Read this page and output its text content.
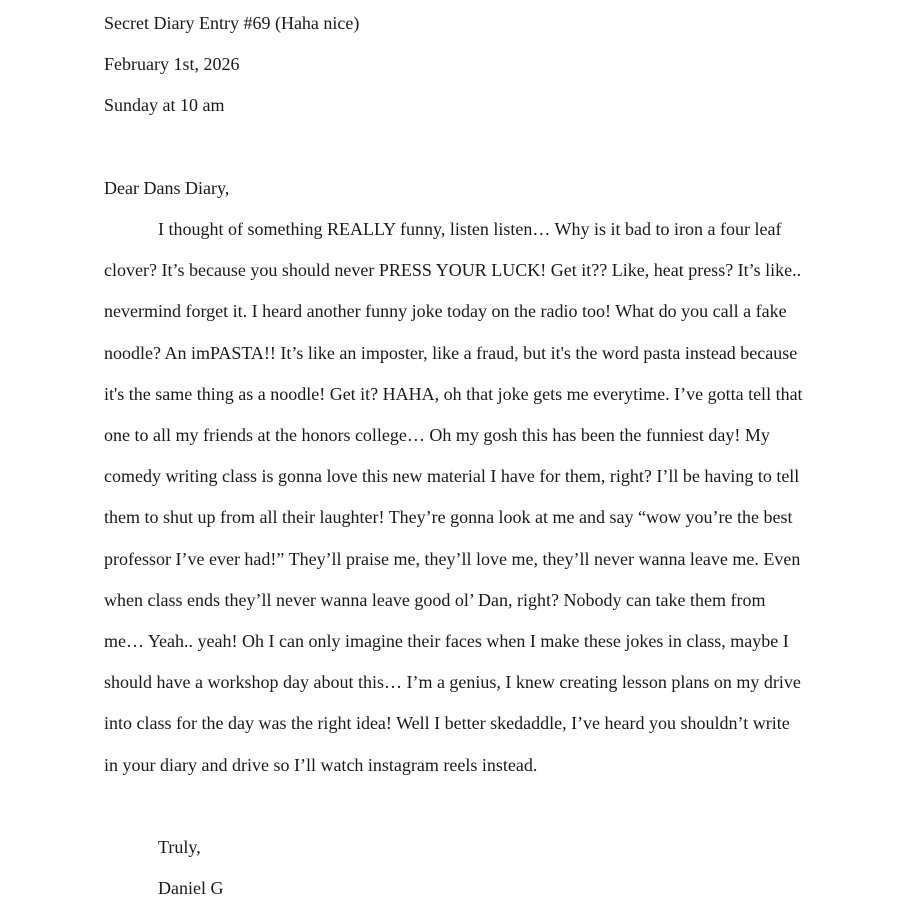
Secret Diary Entry #69 (Haha nice)

February 1st, 2026

Sunday at 10 am

Dear Dans Diary,

I thought of something REALLY funny, listen listen… Why is it bad to iron a four leaf

clover? It’s because you should never PRESS YOUR LUCK! Get it?? Like, heat press? It’s like..

nevermind forget it. I heard another funny joke today on the radio too! What do you call a fake

noodle? An imPASTA!! It’s like an imposter, like a fraud, but it's the word pasta instead because

it's the same thing as a noodle! Get it? HAHA, oh that joke gets me everytime. I’ve gotta tell that

one to all my friends at the honors college… Oh my gosh this has been the funniest day! My

comedy writing class is gonna love this new material I have for them, right? I’ll be having to tell

them to shut up from all their laughter! They’re gonna look at me and say “wow you’re the best

professor I’ve ever had!” They’ll praise me, they’ll love me, they’ll never wanna leave me. Even

when class ends they’ll never wanna leave good ol’ Dan, right? Nobody can take them from

me… Yeah.. yeah! Oh I can only imagine their faces when I make these jokes in class, maybe I

should have a workshop day about this… I’m a genius, I knew creating lesson plans on my drive

into class for the day was the right idea! Well I better skedaddle, I’ve heard you shouldn’t write

in your diary and drive so I’ll watch instagram reels instead.

Truly,

Daniel G
